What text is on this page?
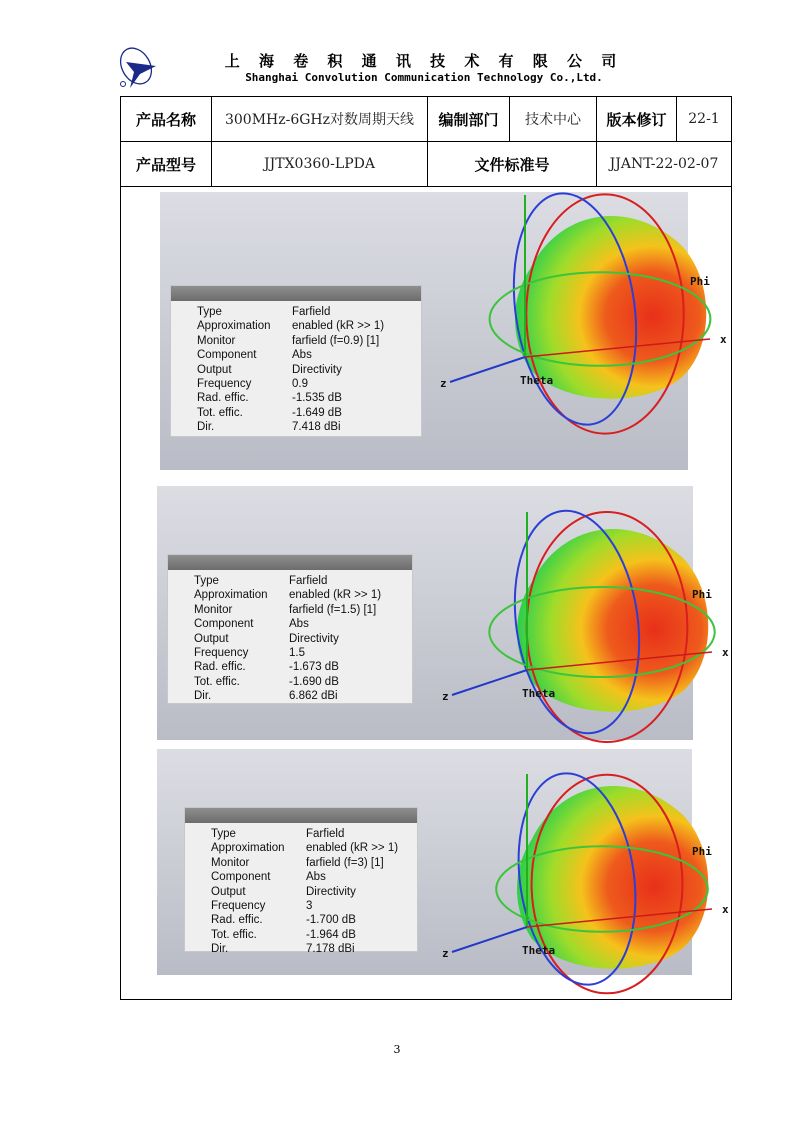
上 海 卷 积 通 讯 技 术 有 限 公 司
Shanghai Convolution Communication Technology Co.,Ltd.
产品名称	300MHz-6GHz对数周期天线	编制部门	技术中心	版本修订	22-1
产品型号	JJTX0360-LPDA	文件标准号		JJANT-22-02-07	
Phi
Theta
x
z
Type	Farfield
Approximation enabled (kR >> 1)
Monitor	farfield (f=0.9) [1]
Component	Abs
Output	Directivity
Frequency	0.9
Rad. effic.	-1.535 dB
Tot. effic.	-1.649 dB
Dir.	7.418 dBi
Phi
Theta
x
z
Type	Farfield
Approximation enabled (kR >> 1)
Monitor	farfield (f=1.5) [1]
Component	Abs
Output	Directivity
Frequency	1.5
Rad. effic.	-1.673 dB
Tot. effic.	-1.690 dB
Dir.	6.862 dBi
Phi
Theta
x
z
Type	Farfield
Approximation enabled (kR >> 1)
Monitor	farfield (f=3) [1]
Component	Abs
Output	Directivity
Frequency	3
Rad. effic.	-1.700 dB
Tot. effic.	-1.964 dB
Dir.	7.178 dBi
3
